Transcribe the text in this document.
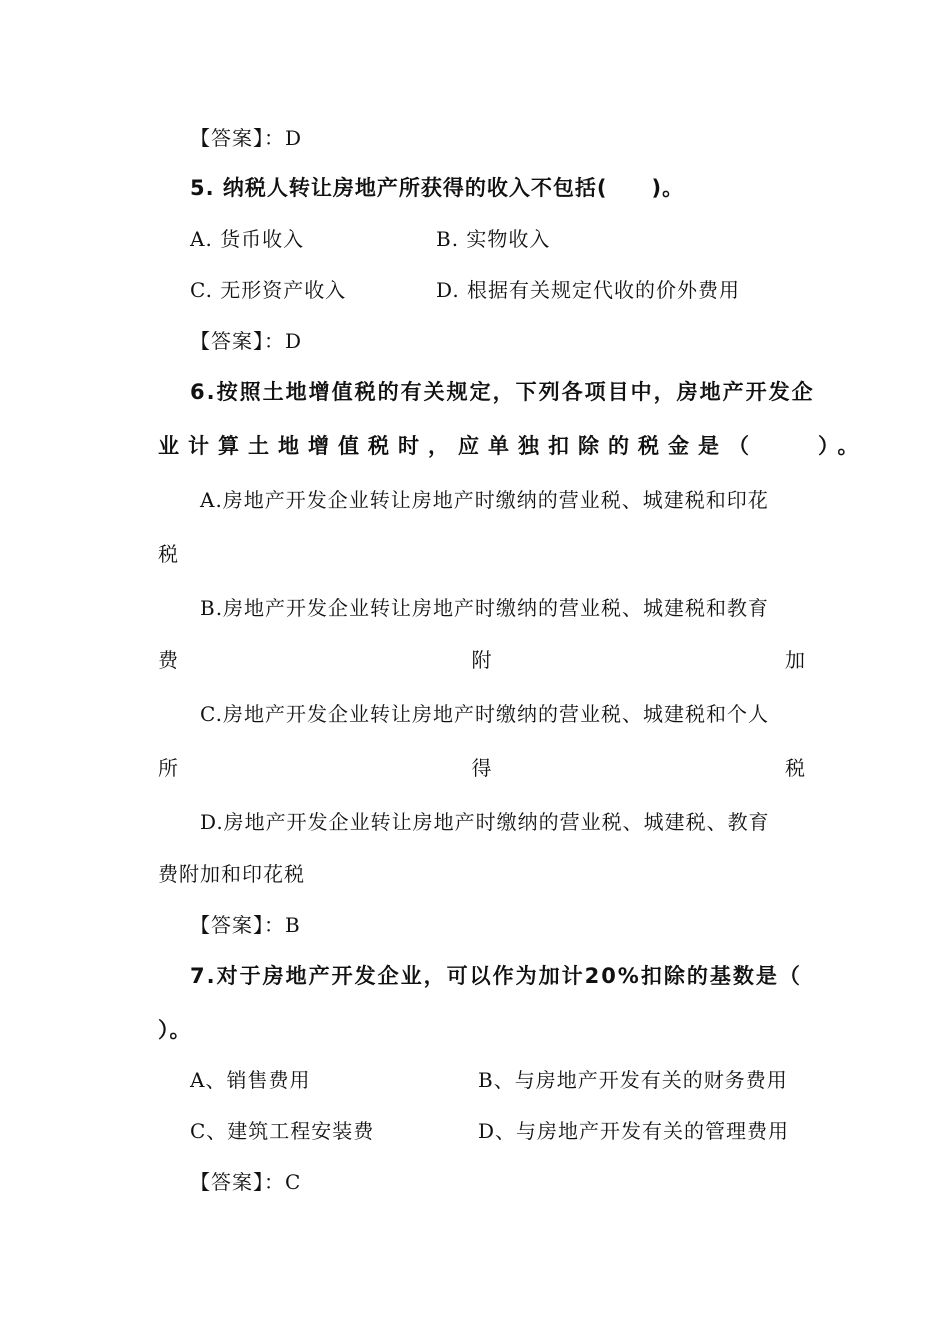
【答案】：D
5. 纳税人转让房地产所获得的收入不包括(　　)。
A. 货币收入	B. 实物收入
C. 无形资产收入	D. 根据有关规定代收的价外费用
【答案】：D
6.按照土地增值税的有关规定，下列各项目中，房地产开发企
业计算土地增值税时，应单独扣除的税金是（　　）。
A.房地产开发企业转让房地产时缴纳的营业税、城建税和印花
税
B.房地产开发企业转让房地产时缴纳的营业税、城建税和教育
费	附	加
C.房地产开发企业转让房地产时缴纳的营业税、城建税和个人
所	得	税
D.房地产开发企业转让房地产时缴纳的营业税、城建税、教育
费附加和印花税
【答案】：B
7.对于房地产开发企业，可以作为加计20%扣除的基数是（
）。
A、销售费用	B、与房地产开发有关的财务费用
C、建筑工程安装费	D、与房地产开发有关的管理费用
【答案】：C
